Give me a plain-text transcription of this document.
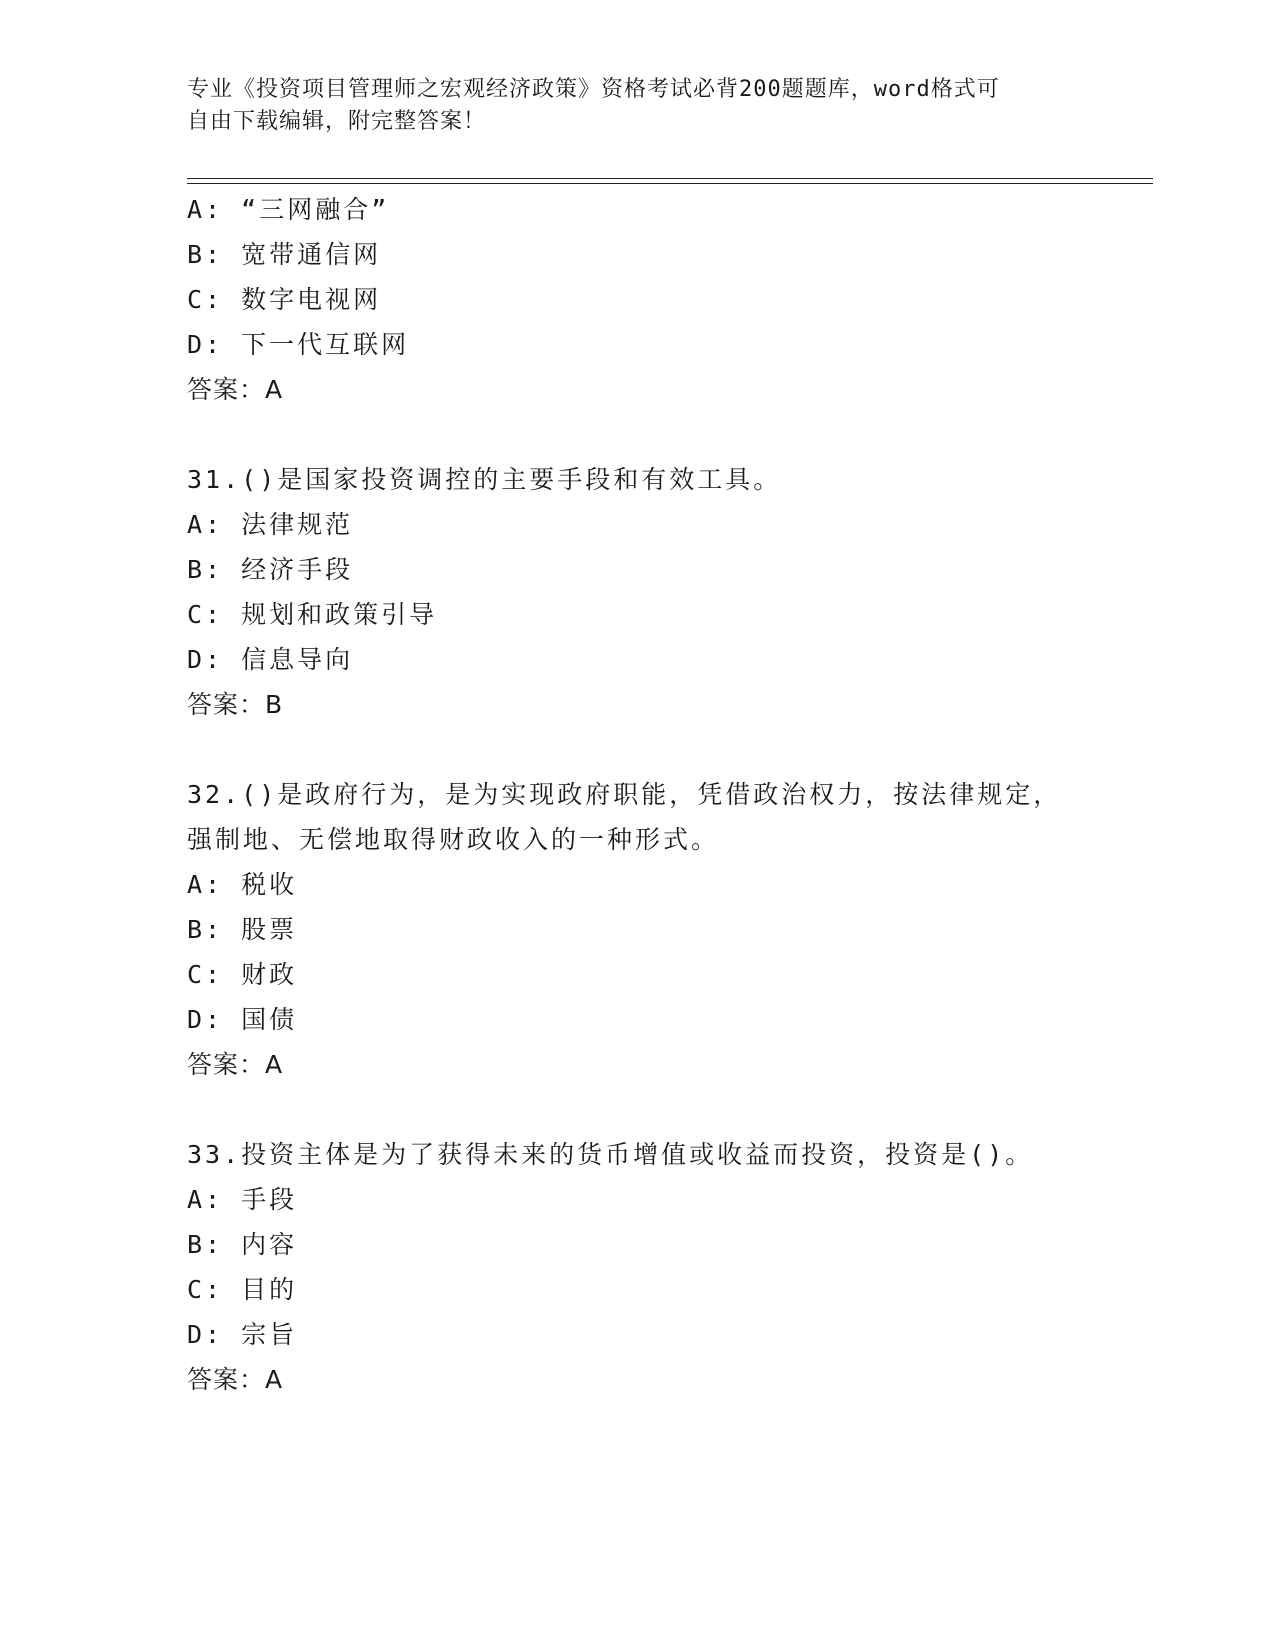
专业《投资项目管理师之宏观经济政策》资格考试必背200题题库，word格式可
自由下载编辑，附完整答案！
A: “三网融合”
B: 宽带通信网
C: 数字电视网
D: 下一代互联网
答案：A
31.()是国家投资调控的主要手段和有效工具。
A: 法律规范
B: 经济手段
C: 规划和政策引导
D: 信息导向
答案：B
32.()是政府行为，是为实现政府职能，凭借政治权力，按法律规定，
强制地、无偿地取得财政收入的一种形式。
A: 税收
B: 股票
C: 财政
D: 国债
答案：A
33.投资主体是为了获得未来的货币增值或收益而投资，投资是()。
A: 手段
B: 内容
C: 目的
D: 宗旨
答案：A
